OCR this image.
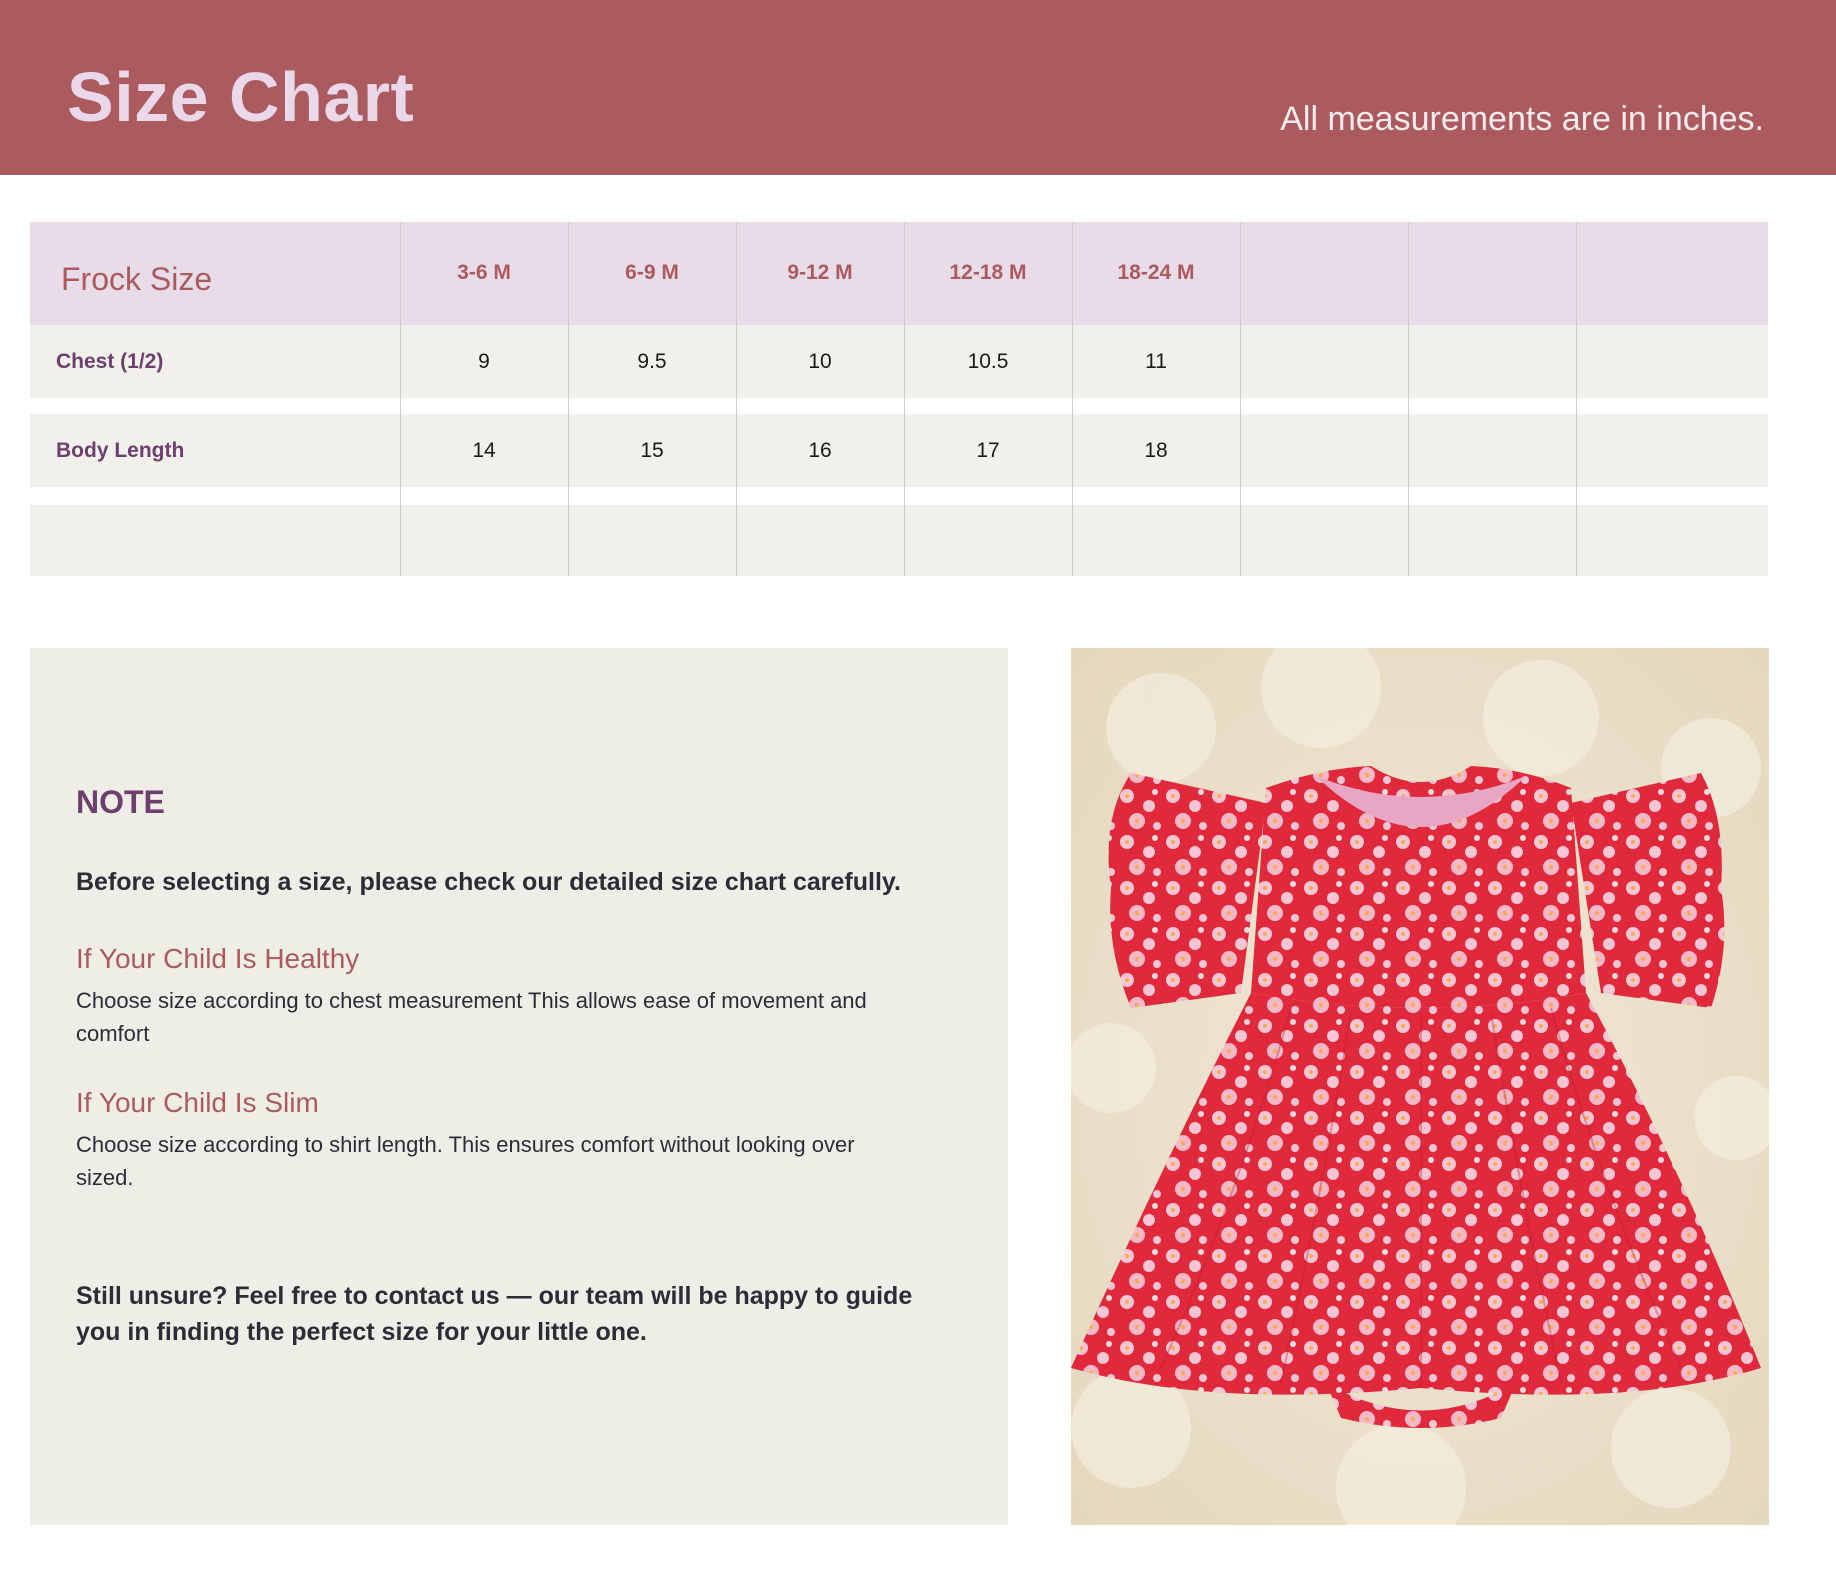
Size Chart	All measurements are in inches.
Frock Size	3-6 M	6-9 M	9-12 M	12-18 M	18-24 M
Chest (1/2)	9	9.5	10	10.5	11
Body Length	14	15	16	17	18
NOTE
Before selecting a size, please check our detailed size chart carefully.
If Your Child Is Healthy
Choose size according to chest measurement This allows ease of movement and comfort
If Your Child Is Slim
Choose size according to shirt length. This ensures comfort without looking over sized.
Still unsure? Feel free to contact us — our team will be happy to guide you in finding the perfect size for your little one.
